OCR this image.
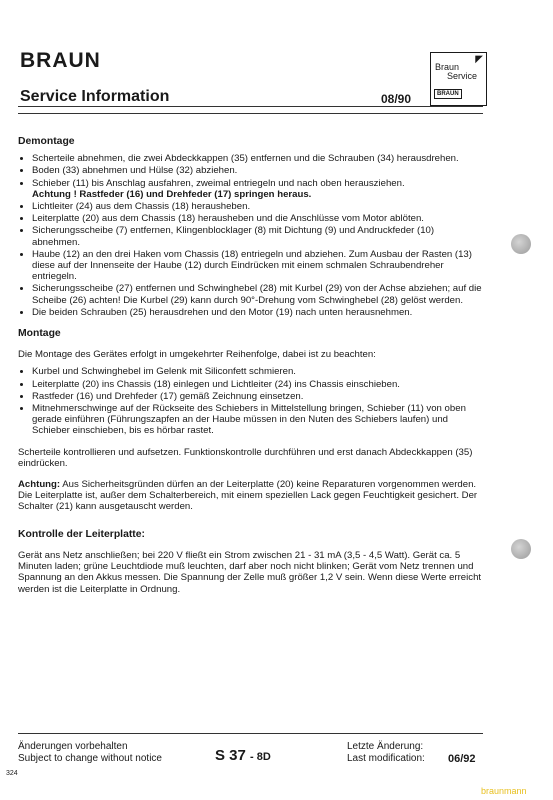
BRAUN
Service Information	08/90
◤
Braun
Service
BRAUN

Demontage

• Scherteile abnehmen, die zwei Abdeckkappen (35) entfernen und die Schrauben (34) herausdrehen.
• Boden (33) abnehmen und Hülse (32) abziehen.
• Schieber (11) bis Anschlag ausfahren, zweimal entriegeln und nach oben herausziehen.
Achtung ! Rastfeder (16) und Drehfeder (17) springen heraus.
• Lichtleiter (24) aus dem Chassis (18) herausheben.
• Leiterplatte (20) aus dem Chassis (18) herausheben und die Anschlüsse vom Motor ablöten.
• Sicherungsscheibe (7) entfernen, Klingenblocklager (8) mit Dichtung (9) und Andruckfeder (10) abnehmen.
• Haube (12) an den drei Haken vom Chassis (18) entriegeln und abziehen. Zum Ausbau der Rasten (13) diese auf der Innenseite der Haube (12) durch Eindrücken mit einem schmalen Schraubendreher entriegeln.
• Sicherungsscheibe (27) entfernen und Schwinghebel (28) mit Kurbel (29) von der Achse abziehen; auf die Scheibe (26) achten! Die Kurbel (29) kann durch 90°-Drehung vom Schwinghebel (28) gelöst werden.
• Die beiden Schrauben (25) herausdrehen und den Motor (19) nach unten herausnehmen.

Montage

Die Montage des Gerätes erfolgt in umgekehrter Reihenfolge, dabei ist zu beachten:

• Kurbel und Schwinghebel im Gelenk mit Siliconfett schmieren.
• Leiterplatte (20) ins Chassis (18) einlegen und Lichtleiter (24) ins Chassis einschieben.
• Rastfeder (16) und Drehfeder (17) gemäß Zeichnung einsetzen.
• Mitnehmerschwinge auf der Rückseite des Schiebers in Mittelstellung bringen, Schieber (11) von oben gerade einführen (Führungszapfen an der Haube müssen in den Nuten des Schiebers laufen) und Schieber einschieben, bis es hörbar rastet.

Scherteile kontrollieren und aufsetzen. Funktionskontrolle durchführen und erst danach Abdeckkappen (35) eindrücken.

Achtung: Aus Sicherheitsgründen dürfen an der Leiterplatte (20) keine Reparaturen vorgenommen werden. Die Leiterplatte ist, außer dem Schalterbereich, mit einem speziellen Lack gegen Feuchtigkeit gesichert. Der Schalter (21) kann ausgetauscht werden.

Kontrolle der Leiterplatte:

Gerät ans Netz anschließen; bei 220 V fließt ein Strom zwischen 21 - 31 mA (3,5 - 4,5 Watt). Gerät ca. 5 Minuten laden; grüne Leuchtdiode muß leuchten, darf aber noch nicht blinken; Gerät vom Netz trennen und Spannung an den Akkus messen. Die Spannung der Zelle muß größer 1,2 V sein. Wenn diese Werte erreicht werden ist die Leiterplatte in Ordnung.

Änderungen vorbehalten
Subject to change without notice	S 37 - 8D
Letzte Änderung:
Last modification: 06/92
324
braunmann
